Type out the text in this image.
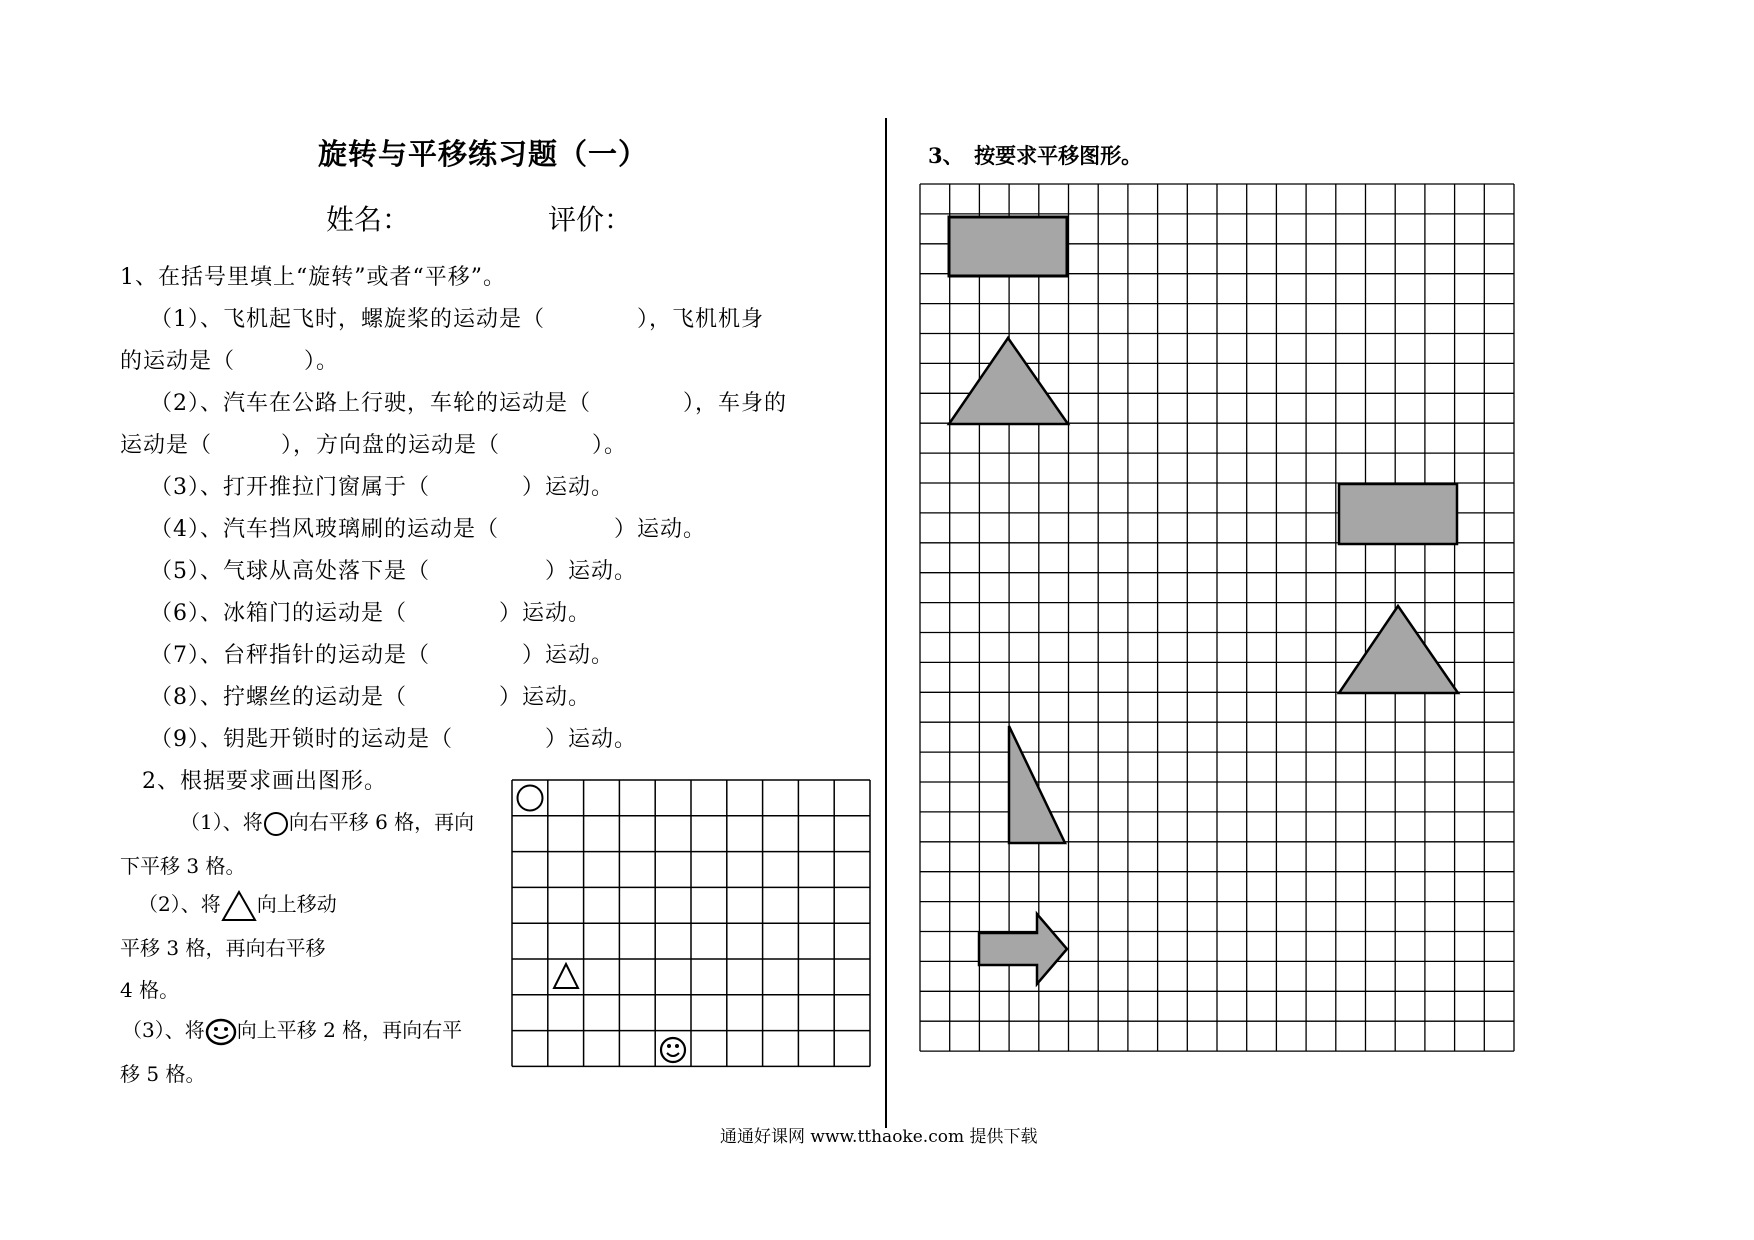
旋转与平移练习题（一）
姓名：	评价：
1、在括号里填上“旋转”或者“平移”。
（1）、飞机起飞时，螺旋桨的运动是（　　　　），飞机机身
的运动是（　　　）。
（2）、汽车在公路上行驶，车轮的运动是（　　　　），车身的
运动是（　　　），方向盘的运动是（　　　　）。
（3）、打开推拉门窗属于（　　　　）运动。
（4）、汽车挡风玻璃刷的运动是（　　　　　）运动。
（5）、气球从高处落下是（　　　　　）运动。
（6）、冰箱门的运动是（　　　　）运动。
（7）、台秤指针的运动是（　　　　）运动。
（8）、拧螺丝的运动是（　　　　）运动。
（9）、钥匙开锁时的运动是（　　　　）运动。
2、根据要求画出图形。
（1）、将 向右平移 6 格，再向
下平移 3 格。
（2）、将 向上移动
平移 3 格，再向右平移
4 格。
（3）、将 向上平移 2 格，再向右平
移 5 格。
3、　按要求平移图形。
通通好课网 www.tthaoke.com 提供下载
